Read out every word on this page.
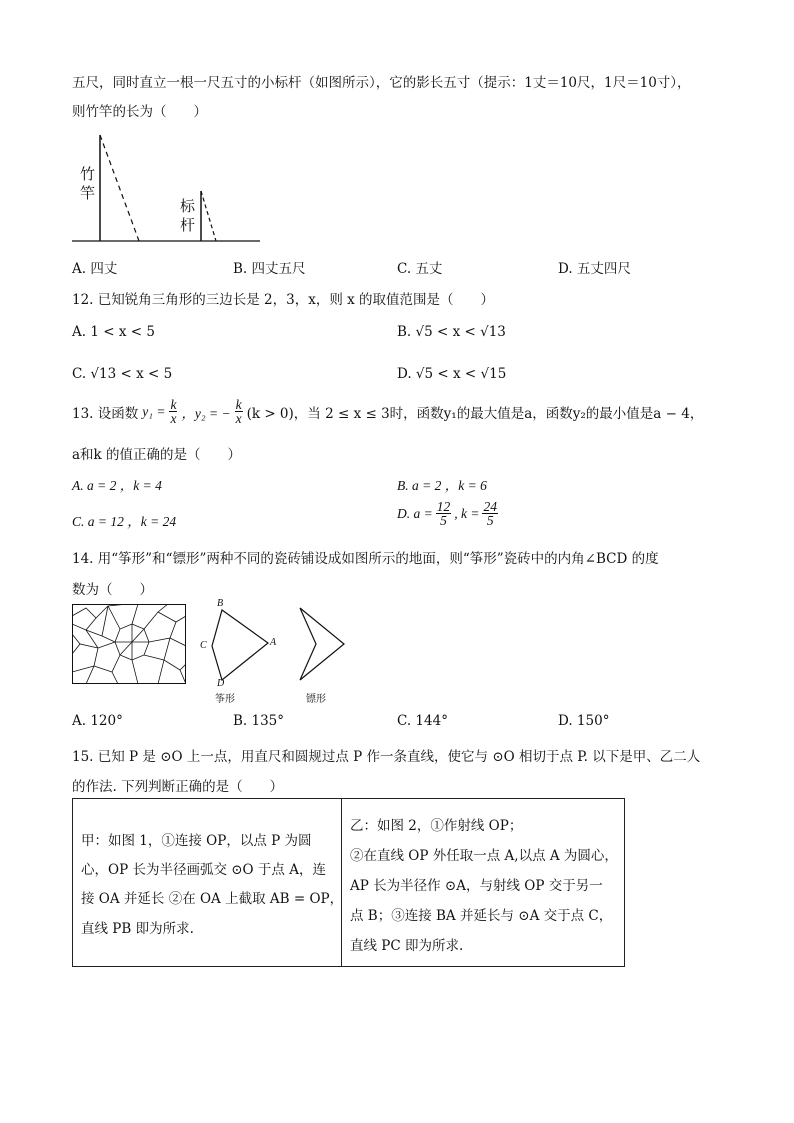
五尺，同时直立一根一尺五寸的小标杆（如图所示），它的影长五寸（提示：1丈＝10尺，1尺＝10寸），
则竹竿的长为（　　）
竹竿
标杆
A. 四丈	B. 四丈五尺	C. 五丈	D. 五丈四尺
12. 已知锐角三角形的三边长是 2，3，x，则 x 的取值范围是（　　）
A. 1 < x < 5	B. √5 < x < √13
C. √13 < x < 5	D. √5 < x < √15
13. 设函数 $y_1 = \frac{k}{x}$ ，y₂ = − $\frac{k}{x} (k > 0)$，当 2 ≤ x ≤ 3时，函数y₁的最大值是a，函数y₂的最小值是a − 4，
a和k 的值正确的是（　　）
A. a = 2 ，k = 4	B. a = 2 ，k = 6
C. a = 12 ，k = 24
D. $a = \frac{12}{5}$ , $k = \frac{24}{5}$
14. 用“筝形”和“镖形”两种不同的瓷砖铺设成如图所示的地面，则“筝形”瓷砖中的内角∠BCD 的度
数为（　　）
B
C	A
D
筝形	镖形
A. 120°	B. 135°	C. 144°	D. 150°
15. 已知 P 是 ⊙O 上一点，用直尺和圆规过点 P 作一条直线，使它与 ⊙O 相切于点 P. 以下是甲、乙二人
的作法. 下列判断正确的是（　　）
甲：如图 1，①连接 OP，以点 P 为圆
心，OP 长为半径画弧交 ⊙O 于点 A，连
接 OA 并延长 ②在 OA 上截取 AB = OP，
直线 PB 即为所求.

乙：如图 2，①作射线 OP；
②在直线 OP 外任取一点 A,以点 A 为圆心，
AP 长为半径作 ⊙A，与射线 OP 交于另一
点 B；③连接 BA 并延长与 ⊙A 交于点 C，
直线 PC 即为所求.
